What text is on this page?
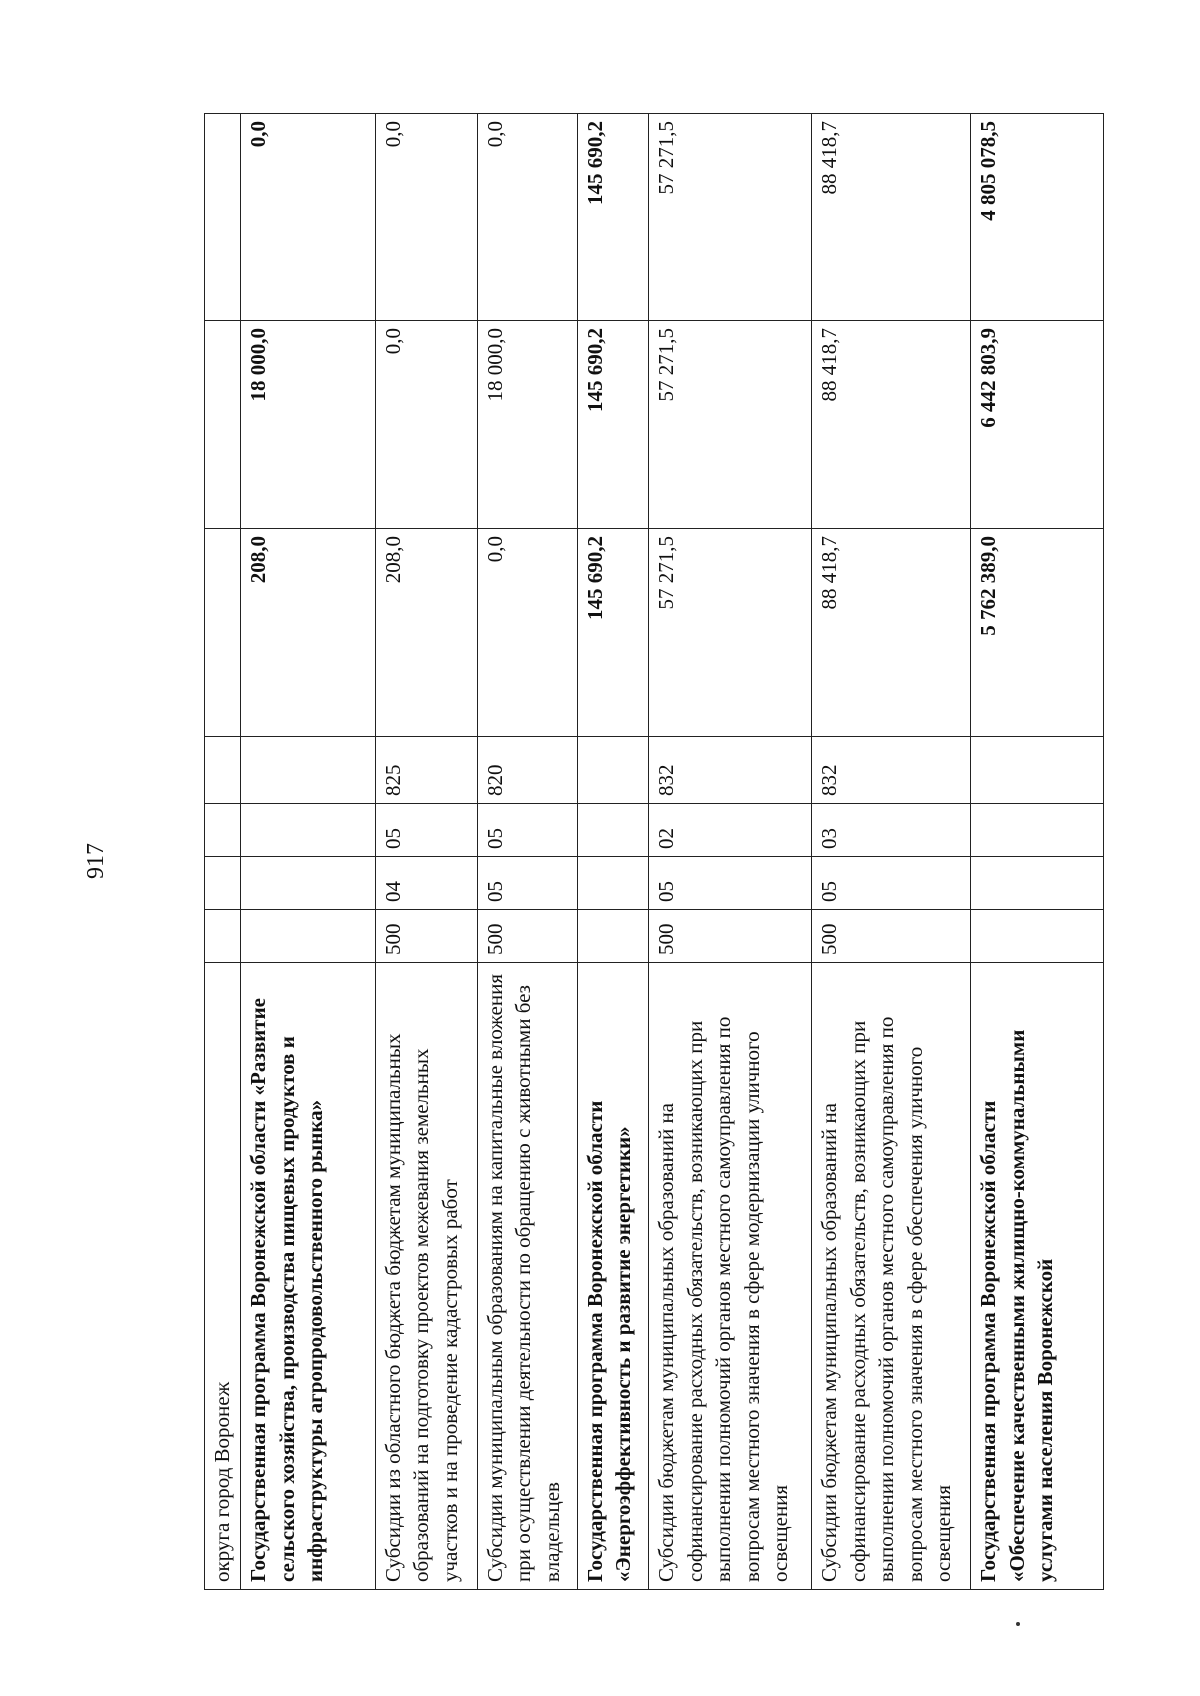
917
округа город Воронеж							
Государственная программа Воронежской области «Развитие сельского хозяйства, производства пищевых продуктов и инфраструктуры агропродовольственного рынка»					208,0	18 000,0	0,0
Субсидии из областного бюджета бюджетам муниципальных образований на подготовку проектов межевания земельных участков и на проведение кадастровых работ	500	04	05	825	208,0	0,0	0,0
Субсидии муниципальным образованиям на капитальные вложения при осуществлении деятельности по обращению с животными без владельцев	500	05	05	820	0,0	18 000,0	0,0
Государственная программа Воронежской области «Энергоэффективность и развитие энергетики»					145 690,2	145 690,2	145 690,2
Субсидии бюджетам муниципальных образований на софинансирование расходных обязательств, возникающих при выполнении полномочий органов местного самоуправления по вопросам местного значения в сфере модернизации уличного освещения	500	05	02	832	57 271,5	57 271,5	57 271,5
Субсидии бюджетам муниципальных образований на софинансирование расходных обязательств, возникающих при выполнении полномочий органов местного самоуправления по вопросам местного значения в сфере обеспечения уличного освещения	500	05	03	832	88 418,7	88 418,7	88 418,7
Государственная программа Воронежской области «Обеспечение качественными жилищно-коммунальными услугами населения Воронежской					5 762 389,0	6 442 803,9	4 805 078,5
